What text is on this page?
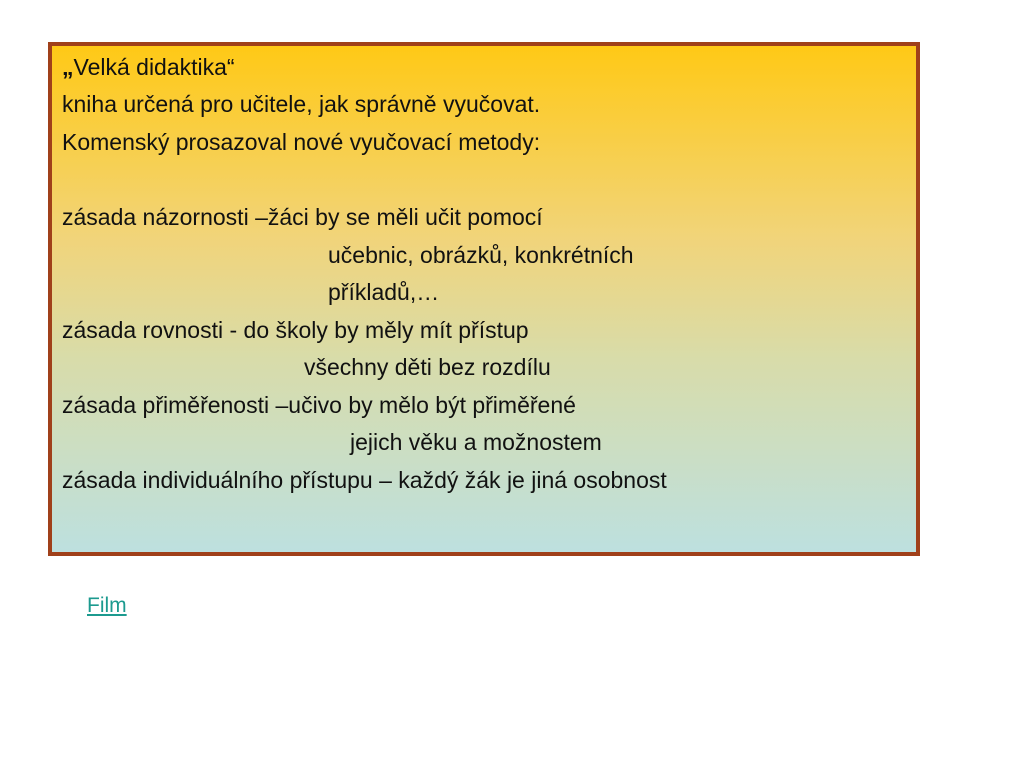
„Velká didaktika“
kniha určená pro učitele, jak správně vyučovat.
Komenský prosazoval nové vyučovací metody:
zásada názornosti –žáci by se měli učit pomocí
učebnic, obrázků, konkrétních
příkladů,…
zásada rovnosti - do školy by měly mít přístup
všechny děti bez rozdílu
zásada přiměřenosti –učivo by mělo být přiměřené
jejich věku a možnostem
zásada individuálního přístupu – každý žák je jiná osobnost
Film
